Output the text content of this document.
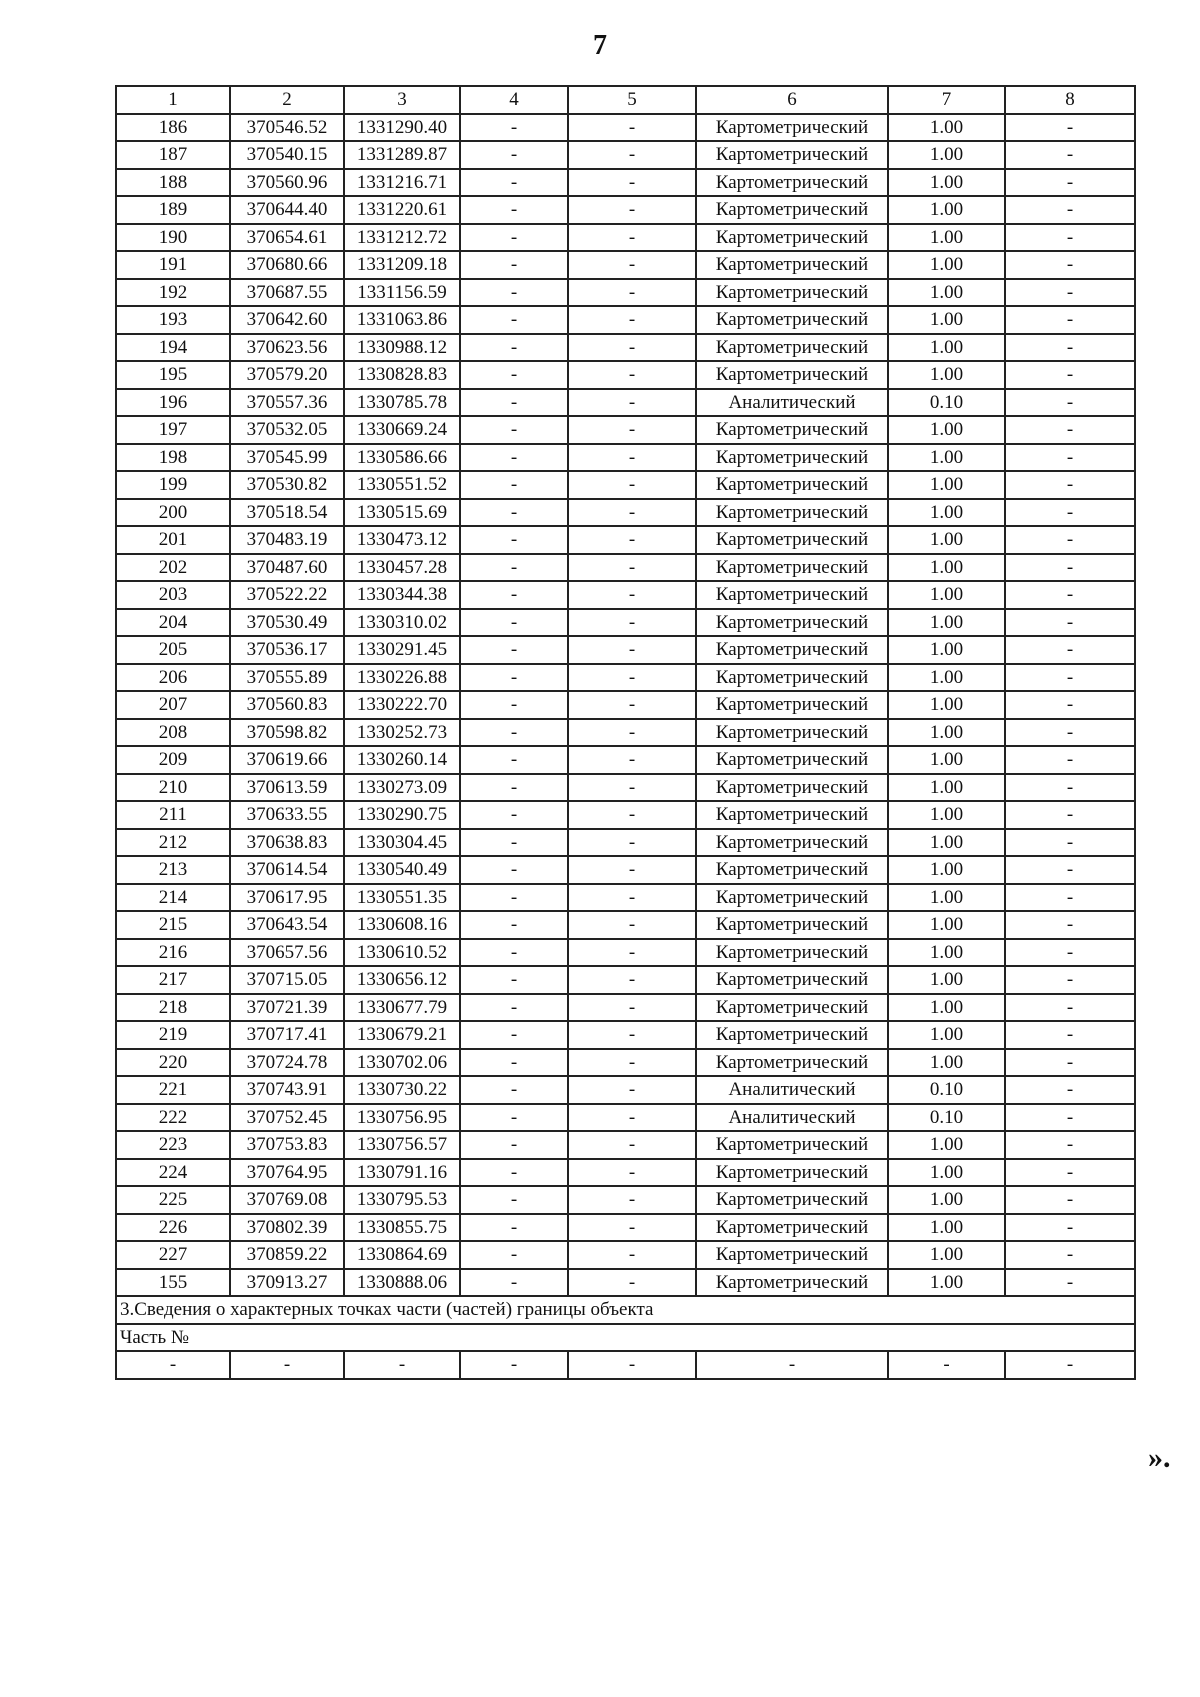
7
1	2	3	4	5	6	7	8
186	370546.52	1331290.40	-	-	Картометрический	1.00	-
187	370540.15	1331289.87	-	-	Картометрический	1.00	-
188	370560.96	1331216.71	-	-	Картометрический	1.00	-
189	370644.40	1331220.61	-	-	Картометрический	1.00	-
190	370654.61	1331212.72	-	-	Картометрический	1.00	-
191	370680.66	1331209.18	-	-	Картометрический	1.00	-
192	370687.55	1331156.59	-	-	Картометрический	1.00	-
193	370642.60	1331063.86	-	-	Картометрический	1.00	-
194	370623.56	1330988.12	-	-	Картометрический	1.00	-
195	370579.20	1330828.83	-	-	Картометрический	1.00	-
196	370557.36	1330785.78	-	-	Аналитический	0.10	-
197	370532.05	1330669.24	-	-	Картометрический	1.00	-
198	370545.99	1330586.66	-	-	Картометрический	1.00	-
199	370530.82	1330551.52	-	-	Картометрический	1.00	-
200	370518.54	1330515.69	-	-	Картометрический	1.00	-
201	370483.19	1330473.12	-	-	Картометрический	1.00	-
202	370487.60	1330457.28	-	-	Картометрический	1.00	-
203	370522.22	1330344.38	-	-	Картометрический	1.00	-
204	370530.49	1330310.02	-	-	Картометрический	1.00	-
205	370536.17	1330291.45	-	-	Картометрический	1.00	-
206	370555.89	1330226.88	-	-	Картометрический	1.00	-
207	370560.83	1330222.70	-	-	Картометрический	1.00	-
208	370598.82	1330252.73	-	-	Картометрический	1.00	-
209	370619.66	1330260.14	-	-	Картометрический	1.00	-
210	370613.59	1330273.09	-	-	Картометрический	1.00	-
211	370633.55	1330290.75	-	-	Картометрический	1.00	-
212	370638.83	1330304.45	-	-	Картометрический	1.00	-
213	370614.54	1330540.49	-	-	Картометрический	1.00	-
214	370617.95	1330551.35	-	-	Картометрический	1.00	-
215	370643.54	1330608.16	-	-	Картометрический	1.00	-
216	370657.56	1330610.52	-	-	Картометрический	1.00	-
217	370715.05	1330656.12	-	-	Картометрический	1.00	-
218	370721.39	1330677.79	-	-	Картометрический	1.00	-
219	370717.41	1330679.21	-	-	Картометрический	1.00	-
220	370724.78	1330702.06	-	-	Картометрический	1.00	-
221	370743.91	1330730.22	-	-	Аналитический	0.10	-
222	370752.45	1330756.95	-	-	Аналитический	0.10	-
223	370753.83	1330756.57	-	-	Картометрический	1.00	-
224	370764.95	1330791.16	-	-	Картометрический	1.00	-
225	370769.08	1330795.53	-	-	Картометрический	1.00	-
226	370802.39	1330855.75	-	-	Картометрический	1.00	-
227	370859.22	1330864.69	-	-	Картометрический	1.00	-
155	370913.27	1330888.06	-	-	Картометрический	1.00	-
3.Сведения о характерных точках части (частей) границы объекта							
Часть №							
-	-	-	-	-	-	-	-
».
